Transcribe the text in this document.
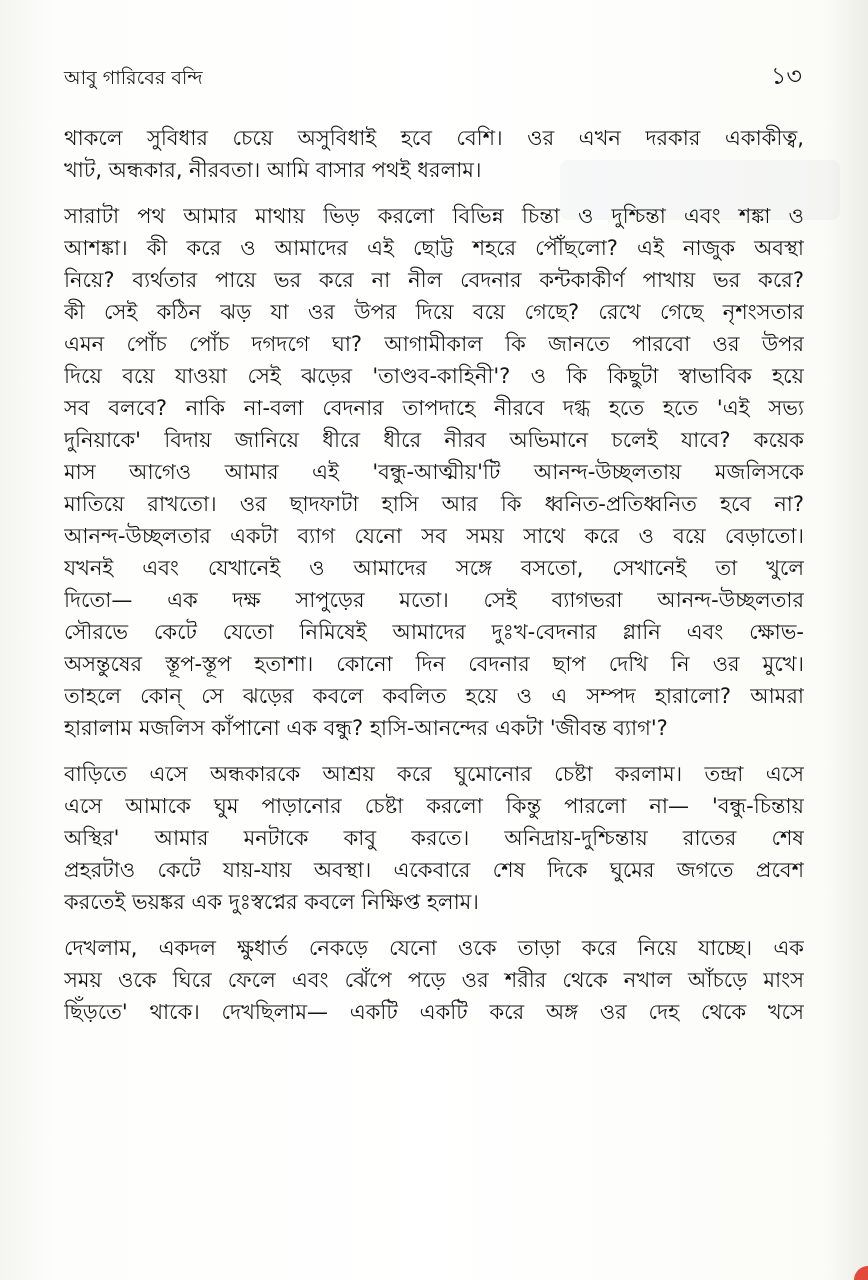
আবু গারিবের বন্দি	১৩
থাকলে সুবিধার চেয়ে অসুবিধাই হবে বেশি। ওর এখন দরকার একাকীত্ব,
খাট, অন্ধকার, নীরবতা। আমি বাসার পথই ধরলাম।
সারাটা পথ আমার মাথায় ভিড় করলো বিভিন্ন চিন্তা ও দুশ্চিন্তা এবং শঙ্কা ও
আশঙ্কা। কী করে ও আমাদের এই ছোট্ট শহরে পৌঁছলো? এই নাজুক অবস্থা
নিয়ে? ব্যর্থতার পায়ে ভর করে না নীল বেদনার কন্টকাকীর্ণ পাখায় ভর করে?
কী সেই কঠিন ঝড় যা ওর উপর দিয়ে বয়ে গেছে? রেখে গেছে নৃশংসতার
এমন পোঁচ পোঁচ দগদগে ঘা? আগামীকাল কি জানতে পারবো ওর উপর
দিয়ে বয়ে যাওয়া সেই ঝড়ের 'তাণ্ডব-কাহিনী'? ও কি কিছুটা স্বাভাবিক হয়ে
সব বলবে? নাকি না-বলা বেদনার তাপদাহে নীরবে দগ্ধ হতে হতে 'এই সভ্য
দুনিয়াকে' বিদায় জানিয়ে ধীরে ধীরে নীরব অভিমানে চলেই যাবে? কয়েক
মাস আগেও আমার এই 'বন্ধু-আত্মীয়'টি আনন্দ-উচ্ছলতায় মজলিসকে
মাতিয়ে রাখতো। ওর ছাদফাটা হাসি আর কি ধ্বনিত-প্রতিধ্বনিত হবে না?
আনন্দ-উচ্ছলতার একটা ব্যাগ যেনো সব সময় সাথে করে ও বয়ে বেড়াতো।
যখনই এবং যেখানেই ও আমাদের সঙ্গে বসতো, সেখানেই তা খুলে
দিতো— এক দক্ষ সাপুড়ের মতো। সেই ব্যাগভরা আনন্দ-উচ্ছলতার
সৌরভে কেটে যেতো নিমিষেই আমাদের দুঃখ-বেদনার গ্লানি এবং ক্ষোভ-
অসন্তুষের স্তূপ-স্তূপ হতাশা। কোনো দিন বেদনার ছাপ দেখি নি ওর মুখে।
তাহলে কোন্ সে ঝড়ের কবলে কবলিত হয়ে ও এ সম্পদ হারালো? আমরা
হারালাম মজলিস কাঁপানো এক বন্ধু? হাসি-আনন্দের একটা 'জীবন্ত ব্যাগ'?
বাড়িতে এসে অন্ধকারকে আশ্রয় করে ঘুমোনোর চেষ্টা করলাম। তন্দ্রা এসে
এসে আমাকে ঘুম পাড়ানোর চেষ্টা করলো কিন্তু পারলো না— 'বন্ধু-চিন্তায়
অস্থির' আমার মনটাকে কাবু করতে। অনিদ্রায়-দুশ্চিন্তায় রাতের শেষ
প্রহরটাও কেটে যায়-যায় অবস্থা। একেবারে শেষ দিকে ঘুমের জগতে প্রবেশ
করতেই ভয়ঙ্কর এক দুঃস্বপ্নের কবলে নিক্ষিপ্ত হলাম।
দেখলাম, একদল ক্ষুধার্ত নেকড়ে যেনো ওকে তাড়া করে নিয়ে যাচ্ছে। এক
সময় ওকে ঘিরে ফেলে এবং ঝেঁপে পড়ে ওর শরীর থেকে নখাল আঁচড়ে মাংস
ছিঁড়তে' থাকে। দেখছিলাম— একটি একটি করে অঙ্গ ওর দেহ থেকে খসে
